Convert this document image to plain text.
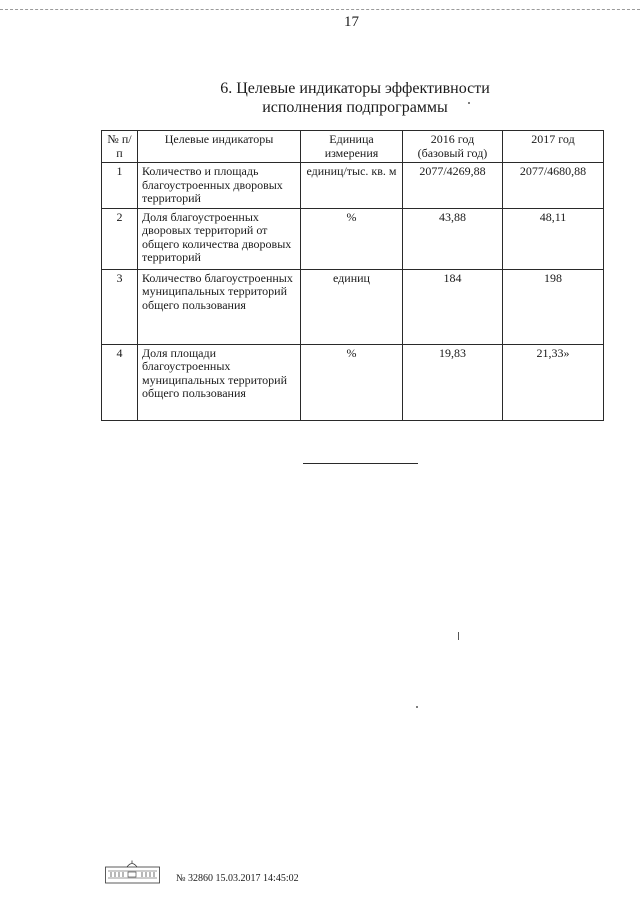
17
6. Целевые индикаторы эффективности исполнения подпрограммы
№ п/п	Целевые индикаторы	Единица измерения	2016 год (базовый год)	2017 год
1	Количество и площадь благоустроенных дворовых территорий	единиц/тыс. кв. м	2077/4269,88	2077/4680,88
2	Доля благоустроенных дворовых территорий от общего количества дворовых территорий	%	43,88	48,11
3	Количество благоустроенных муниципальных территорий общего пользования	единиц	184	198
4	Доля площади благоустроенных муниципальных территорий общего пользования	%	19,83	21,33»
№ 32860 15.03.2017 14:45:02
